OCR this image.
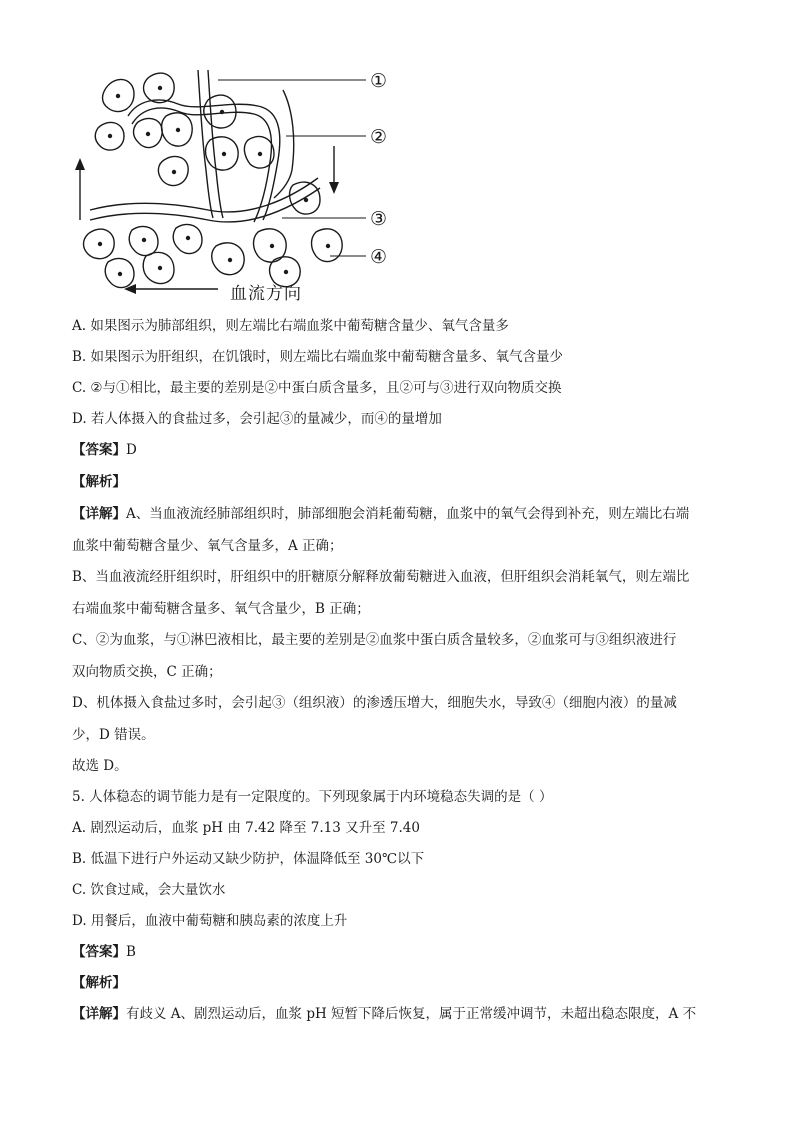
①
②
③
④
血流方向
A. 如果图示为肺部组织，则左端比右端血浆中葡萄糖含量少、氧气含量多
B. 如果图示为肝组织，在饥饿时，则左端比右端血浆中葡萄糖含量多、氧气含量少
C. ②与①相比，最主要的差别是②中蛋白质含量多，且②可与③进行双向物质交换
D. 若人体摄入的食盐过多，会引起③的量减少，而④的量增加
【答案】D
【解析】
【详解】A、当血液流经肺部组织时，肺部细胞会消耗葡萄糖，血浆中的氧气会得到补充，则左端比右端
血浆中葡萄糖含量少、氧气含量多，A 正确；
B、当血液流经肝组织时，肝组织中的肝糖原分解释放葡萄糖进入血液，但肝组织会消耗氧气，则左端比
右端血浆中葡萄糖含量多、氧气含量少，B 正确；
C、②为血浆，与①淋巴液相比，最主要的差别是②血浆中蛋白质含量较多，②血浆可与③组织液进行
双向物质交换，C 正确；
D、机体摄入食盐过多时，会引起③（组织液）的渗透压增大，细胞失水，导致④（细胞内液）的量减
少，D 错误。
故选 D。
5. 人体稳态的调节能力是有一定限度的。下列现象属于内环境稳态失调的是（ ）
A. 剧烈运动后，血浆 pH 由 7.42 降至 7.13 又升至 7.40
B. 低温下进行户外运动又缺少防护，体温降低至 30℃以下
C. 饮食过咸，会大量饮水
D. 用餐后，血液中葡萄糖和胰岛素的浓度上升
【答案】B
【解析】
【详解】有歧义 A、剧烈运动后，血浆 pH 短暂下降后恢复，属于正常缓冲调节，未超出稳态限度，A 不
